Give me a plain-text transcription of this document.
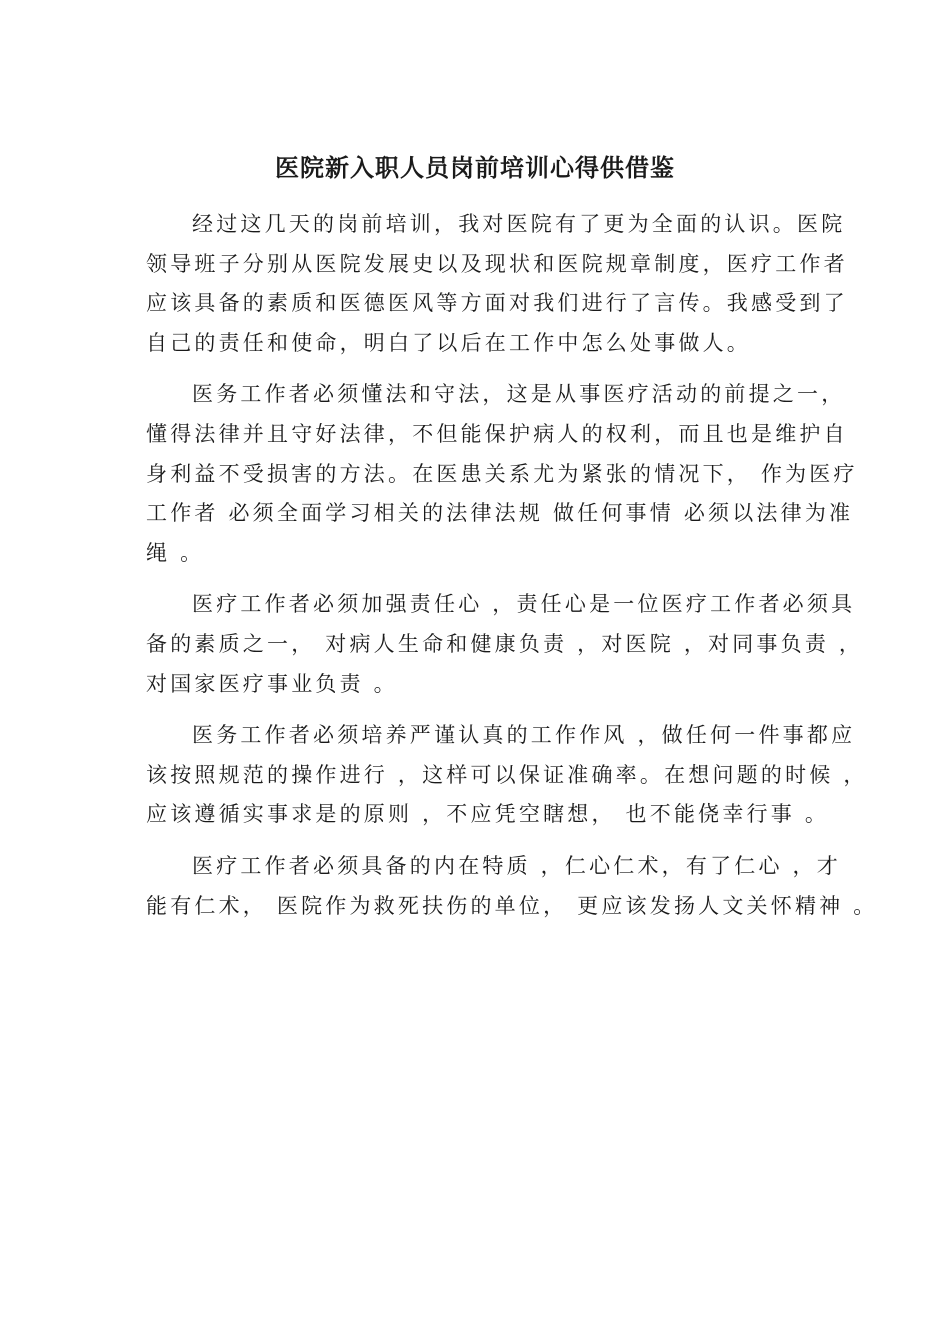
医院新入职人员岗前培训心得供借鉴

经过这几天的岗前培训，我对医院有了更为全面的认识。医院
领导班子分别从医院发展史以及现状和医院规章制度，医疗工作者
应该具备的素质和医德医风等方面对我们进行了言传。我感受到了
自己的责任和使命，明白了以后在工作中怎么处事做人。

医务工作者必须懂法和守法，这是从事医疗活动的前提之一，
懂得法律并且守好法律，不但能保护病人的权利，而且也是维护自
身利益不受损害的方法。在医患关系尤为紧张的情况下， 作为医疗
工作者 必须全面学习相关的法律法规 做任何事情 必须以法律为准
绳 。

医疗工作者必须加强责任心 ，责任心是一位医疗工作者必须具
备的素质之一， 对病人生命和健康负责 ，对医院 ，对同事负责 ，
对国家医疗事业负责 。

医务工作者必须培养严谨认真的工作作风 ，做任何一件事都应
该按照规范的操作进行 ，这样可以保证准确率。在想问题的时候 ，
应该遵循实事求是的原则 ，不应凭空瞎想， 也不能侥幸行事 。

医疗工作者必须具备的内在特质 ，仁心仁术，有了仁心 ，才
能有仁术， 医院作为救死扶伤的单位， 更应该发扬人文关怀精神 。
